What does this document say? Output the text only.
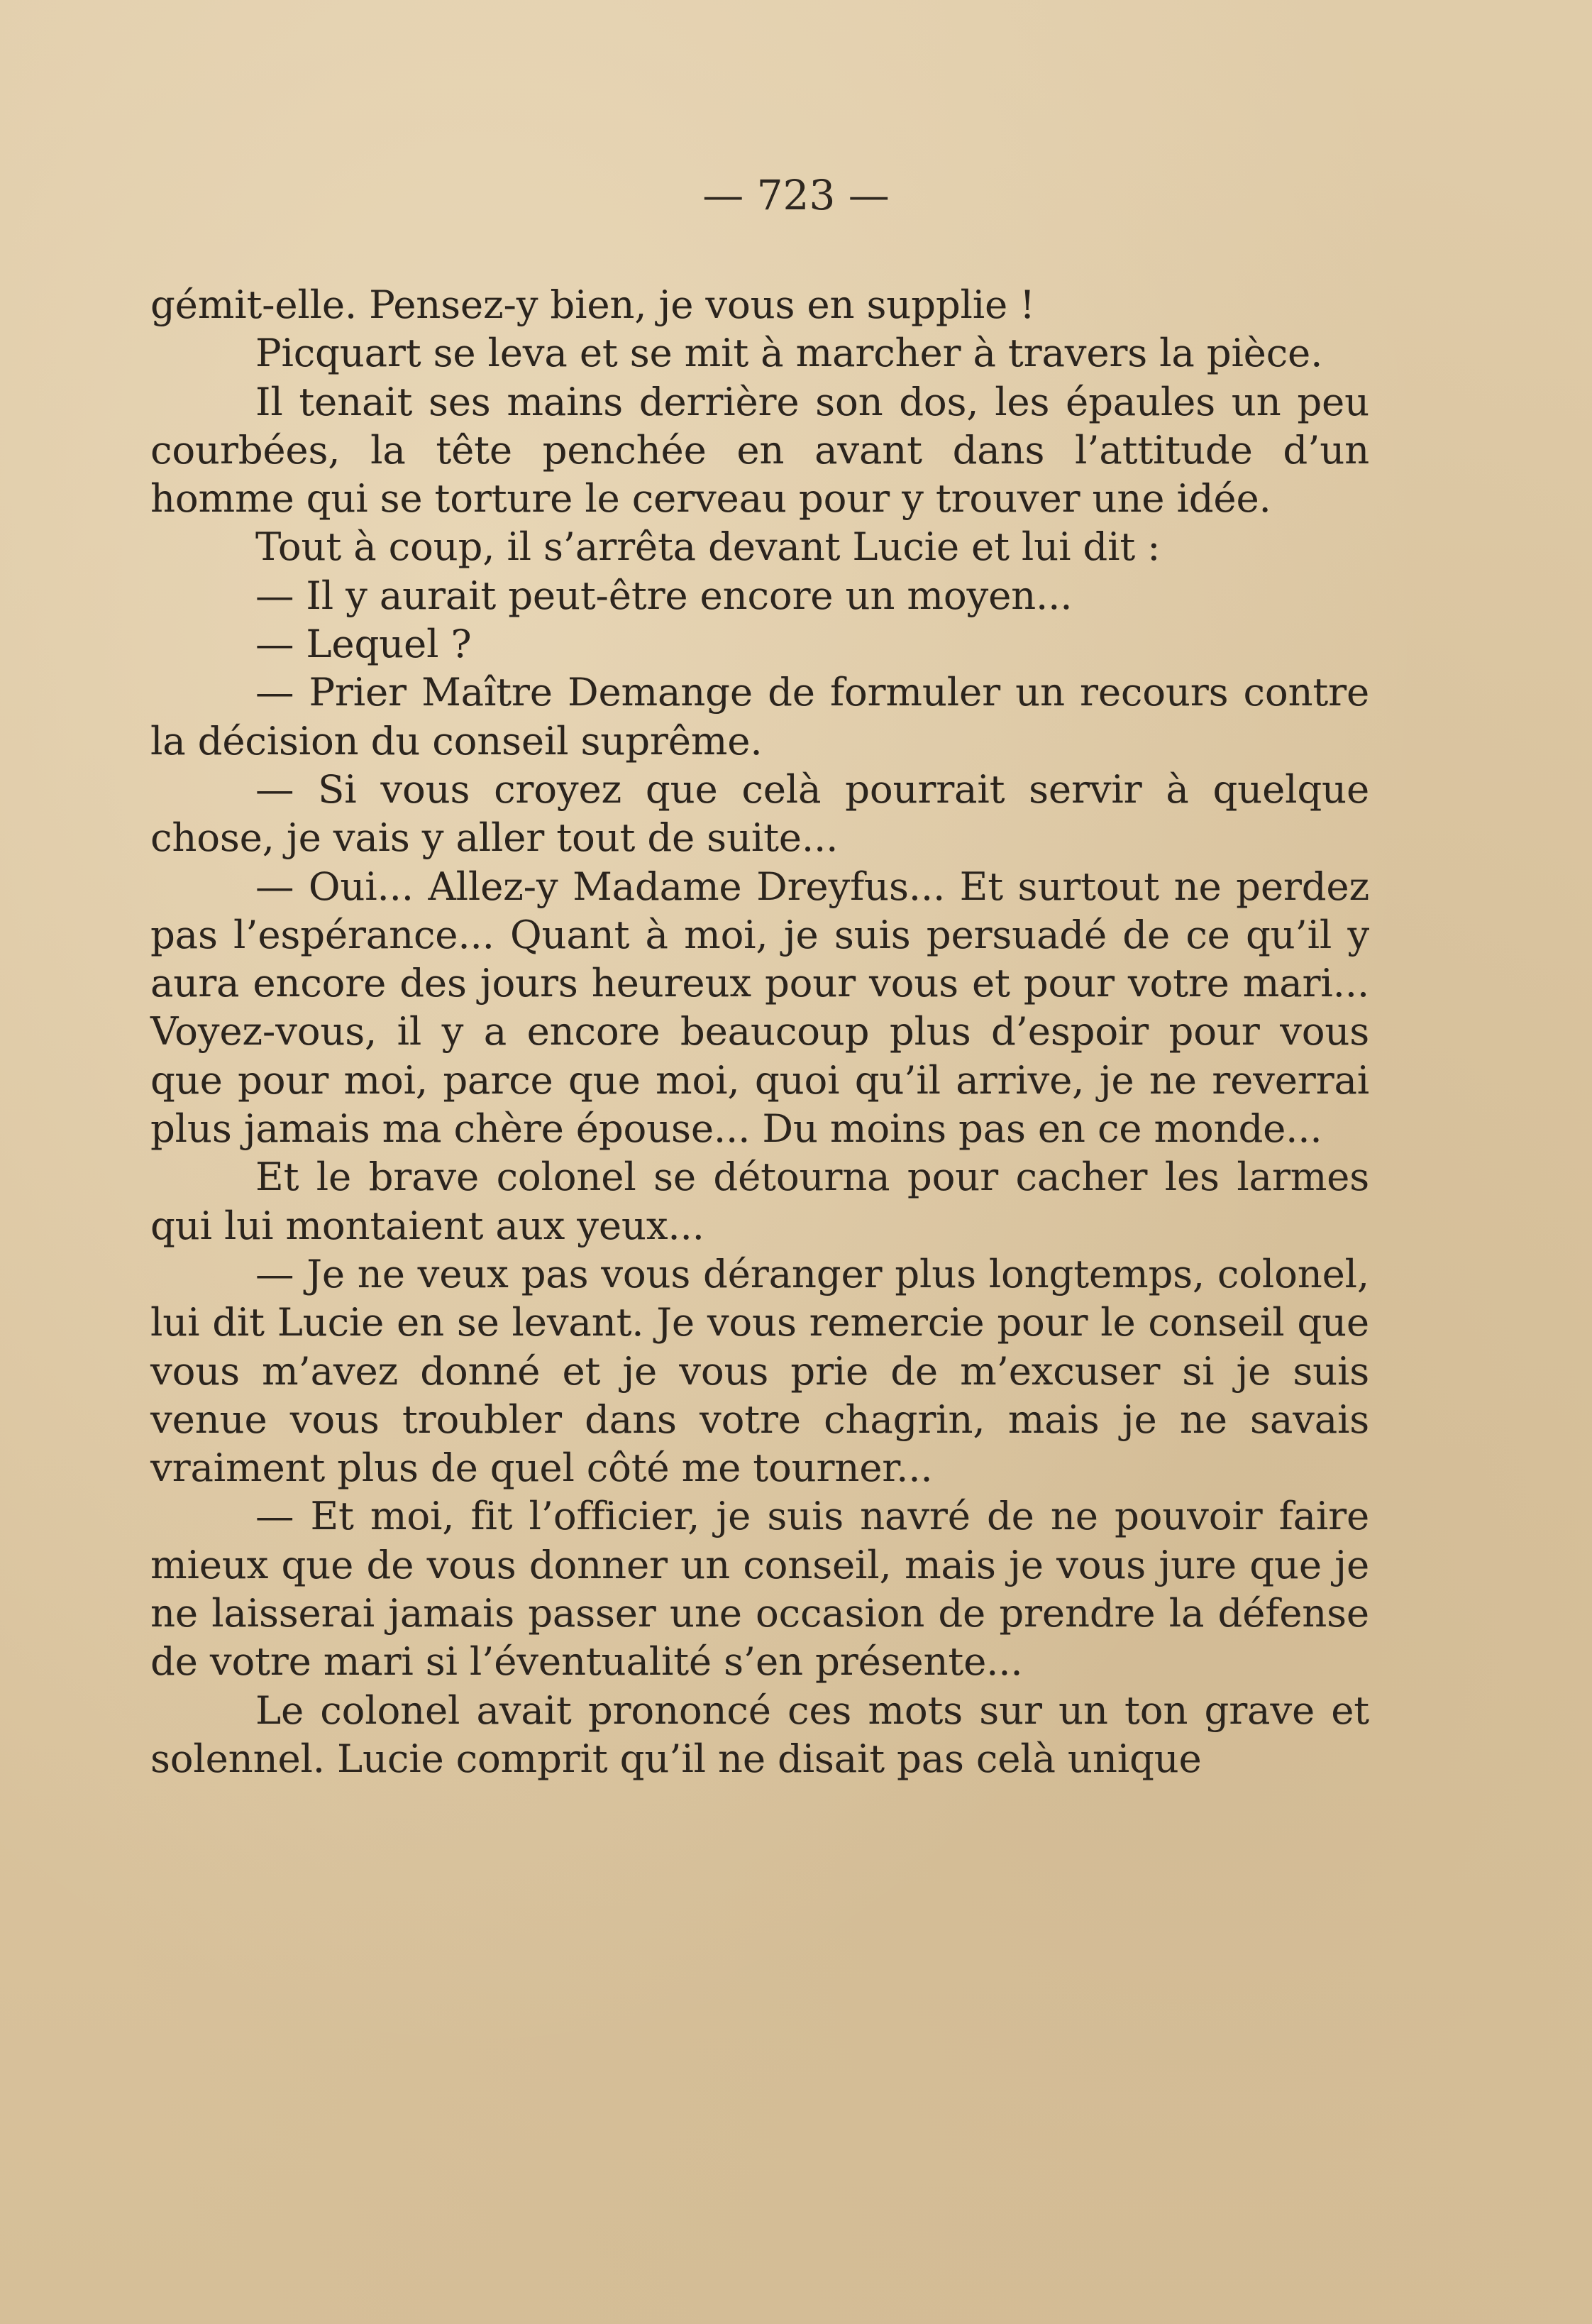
— 723 —

gémit-elle. Pensez-y bien, je vous en supplie !

Picquart se leva et se mit à marcher à travers la pièce.

Il tenait ses mains derrière son dos, les épaules un peu courbées, la tête penchée en avant dans l’attitude d’un homme qui se torture le cerveau pour y trouver une idée.

Tout à coup, il s’arrêta devant Lucie et lui dit :

— Il y aurait peut-être encore un moyen...

— Lequel ?

— Prier Maître Demange de formuler un recours contre la décision du conseil suprême.

— Si vous croyez que celà pourrait servir à quelque chose, je vais y aller tout de suite...

— Oui... Allez-y Madame Dreyfus... Et surtout ne perdez pas l’espérance... Quant à moi, je suis persuadé de ce qu’il y aura encore des jours heureux pour vous et pour votre mari... Voyez-vous, il y a encore beaucoup plus d’espoir pour vous que pour moi, parce que moi, quoi qu’il arrive, je ne reverrai plus jamais ma chère épouse... Du moins pas en ce monde...

Et le brave colonel se détourna pour cacher les larmes qui lui montaient aux yeux...

— Je ne veux pas vous déranger plus longtemps, colonel, lui dit Lucie en se levant. Je vous remercie pour le conseil que vous m’avez donné et je vous prie de m’excuser si je suis venue vous troubler dans votre chagrin, mais je ne savais vraiment plus de quel côté me tourner...

— Et moi, fit l’officier, je suis navré de ne pouvoir faire mieux que de vous donner un conseil, mais je vous jure que je ne laisserai jamais passer une occasion de prendre la défense de votre mari si l’éventualité s’en présente...

Le colonel avait prononcé ces mots sur un ton grave et solennel. Lucie comprit qu’il ne disait pas celà unique
